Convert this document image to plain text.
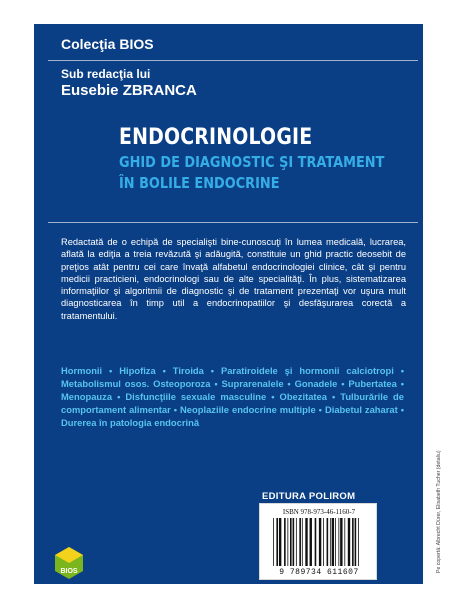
Colecţia BIOS
Sub redacţia lui
Eusebie ZBRANCA
ENDOCRINOLOGIE
GHID DE DIAGNOSTIC ŞI TRATAMENT
ÎN BOLILE ENDOCRINE
Redactată de o echipă de specialişti bine-cunoscuţi în lumea medicală, lucrarea, aflată la ediţia a treia revăzută şi adăugită, constituie un ghid practic deosebit de preţios atât pentru cei care învaţă alfabetul endocrinologiei clinice, cât şi pentru medicii practicieni, endocrinologi sau de alte specialităţi. În plus, sistematizarea informaţiilor şi algoritmii de diagnostic şi de tratament prezentaţi vor uşura mult diagnosticarea în timp util a endocrinopatiilor şi desfăşurarea corectă a tratamentului.
Hormonii • Hipofiza • Tiroida • Paratiroidele şi hormonii calciotropi • Metabolismul osos. Osteoporoza • Suprarenalele • Gonadele • Pubertatea • Menopauza • Disfuncţiile sexuale masculine • Obezitatea • Tulburările de comportament alimentar • Neoplaziile endocrine multiple • Diabetul zaharat • Durerea în patologia endocrină
EDITURA POLIROM
ISBN 978-973-46-1160-7
9 789734 611607
www.polirom.ro
BIOS	Pe copertă: Albrecht Dürer, Elisabeth Tucher (detaliu)
